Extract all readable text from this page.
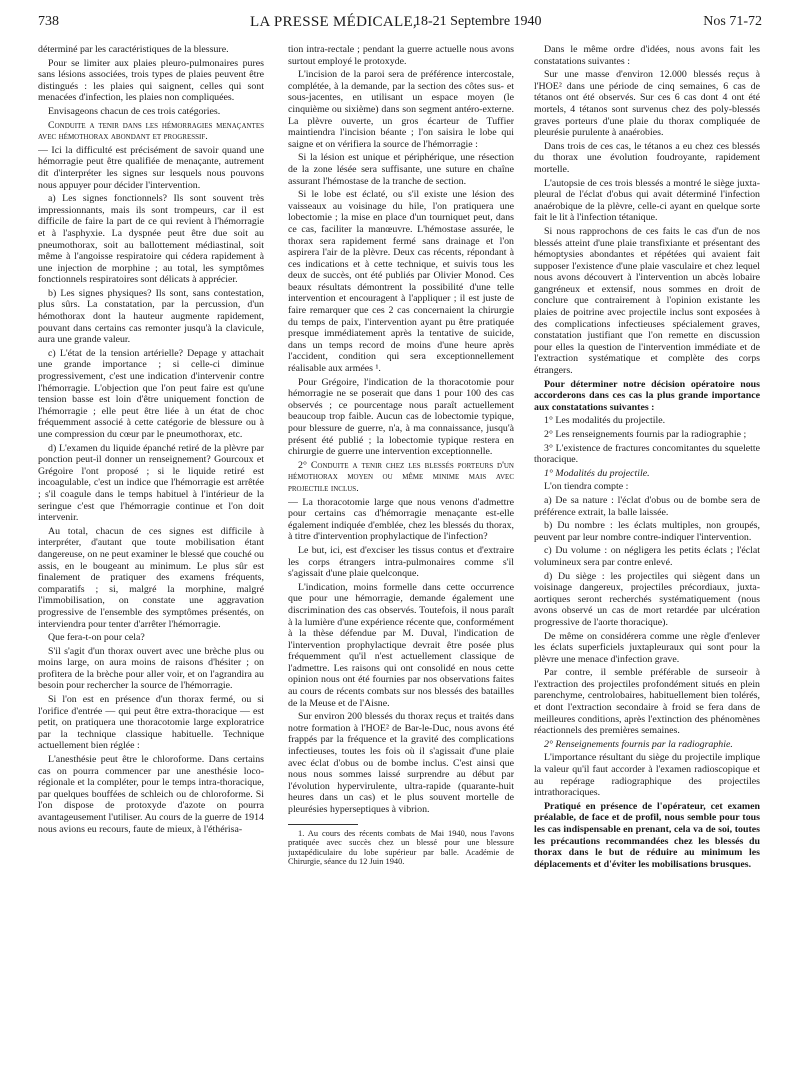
738	LA PRESSE MÉDICALE,
18-21 Septembre 1940	Nos 71-72

déterminé par les caractéristiques de la blessure.

Pour se limiter aux plaies pleuro-pulmonaires pures sans lésions associées, trois types de plaies peuvent être distingués : les plaies qui saignent, celles qui sont menacées d'infection, les plaies non compliquées.

Envisageons chacun de ces trois catégories.

Conduite a tenir dans les hémorragies menaçantes avec hémothorax abondant et progressif.

— Ici la difficulté est précisément de savoir quand une hémorragie peut être qualifiée de menaçante, autrement dit d'interpréter les signes sur lesquels nous pouvons nous appuyer pour décider l'intervention.

a) Les signes fonctionnels? Ils sont souvent très impressionnants, mais ils sont trompeurs, car il est difficile de faire la part de ce qui revient à l'hémorragie et à l'asphyxie. La dyspnée peut être due soit au pneumothorax, soit au ballottement médiastinal, soit même à l'angoisse respiratoire qui cédera rapidement à une injection de morphine ; au total, les symptômes fonctionnels respiratoires sont délicats à apprécier.

b) Les signes physiques? Ils sont, sans contestation, plus sûrs. La constatation, par la percussion, d'un hémothorax dont la hauteur augmente rapidement, pouvant dans certains cas remonter jusqu'à la clavicule, aura une grande valeur.

c) L'état de la tension artérielle? Depage y attachait une grande importance ; si celle-ci diminue progressivement, c'est une indication d'intervenir contre l'hémorragie. L'objection que l'on peut faire est qu'une tension basse est loin d'être uniquement fonction de l'hémorragie ; elle peut être liée à un état de choc fréquemment associé à cette catégorie de blessure ou à une compression du cœur par le pneumothorax, etc.

d) L'examen du liquide épanché retiré de la plèvre par ponction peut-il donner un renseignement? Gourcoux et Grégoire l'ont proposé ; si le liquide retiré est incoagulable, c'est un indice que l'hémorragie est arrêtée ; s'il coagule dans le temps habituel à l'intérieur de la seringue c'est que l'hémorragie continue et l'on doit intervenir.

Au total, chacun de ces signes est difficile à interpréter, d'autant que toute mobilisation étant dangereuse, on ne peut examiner le blessé que couché ou assis, en le bougeant au minimum. Le plus sûr est finalement de pratiquer des examens fréquents, comparatifs ; si, malgré la morphine, malgré l'immobilisation, on constate une aggravation progressive de l'ensemble des symptômes présentés, on interviendra pour tenter d'arrêter l'hémorragie.

Que fera-t-on pour cela?

S'il s'agit d'un thorax ouvert avec une brèche plus ou moins large, on aura moins de raisons d'hésiter ; on profitera de la brèche pour aller voir, et on l'agrandira au besoin pour rechercher la source de l'hémorragie.

Si l'on est en présence d'un thorax fermé, ou si l'orifice d'entrée — qui peut être extra-thoracique — est petit, on pratiquera une thoracotomie large exploratrice par la technique classique habituelle. Technique actuellement bien réglée :

L'anesthésie peut être le chloroforme. Dans certains cas on pourra commencer par une anesthésie loco-régionale et la compléter, pour le temps intra-thoracique, par quelques bouffées de schleich ou de chloroforme. Si l'on dispose de protoxyde d'azote on pourra avantageusement l'utiliser. Au cours de la guerre de 1914 nous avions eu recours, faute de mieux, à l'éthérisa-

tion intra-rectale ; pendant la guerre actuelle nous avons surtout employé le protoxyde.

L'incision de la paroi sera de préférence intercostale, complétée, à la demande, par la section des côtes sus- et sous-jacentes, en utilisant un espace moyen (le cinquième ou sixième) dans son segment antéro-externe. La plèvre ouverte, un gros écarteur de Tuffier maintiendra l'incision béante ; l'on saisira le lobe qui saigne et on vérifiera la source de l'hémorragie :

Si la lésion est unique et périphérique, une résection de la zone lésée sera suffisante, une suture en chaîne assurant l'hémostase de la tranche de section.

Si le lobe est éclaté, ou s'il existe une lésion des vaisseaux au voisinage du hile, l'on pratiquera une lobectomie ; la mise en place d'un tourniquet peut, dans ce cas, faciliter la manœuvre. L'hémostase assurée, le thorax sera rapidement fermé sans drainage et l'on aspirera l'air de la plèvre. Deux cas récents, répondant à ces indications et à cette technique, et suivis tous les deux de succès, ont été publiés par Olivier Monod. Ces beaux résultats démontrent la possibilité d'une telle intervention et encouragent à l'appliquer ; il est juste de faire remarquer que ces 2 cas concernaient la chirurgie du temps de paix, l'intervention ayant pu être pratiquée presque immédiatement après la tentative de suicide, dans un temps record de moins d'une heure après l'accident, condition qui sera exceptionnellement réalisable aux armées ¹.

Pour Grégoire, l'indication de la thoracotomie pour hémorragie ne se poserait que dans 1 pour 100 des cas observés ; ce pourcentage nous paraît actuellement beaucoup trop faible. Aucun cas de lobectomie typique, pour blessure de guerre, n'a, à ma connaissance, jusqu'à présent été publié ; la lobectomie typique restera en chirurgie de guerre une intervention exceptionnelle.

2° Conduite a tenir chez les blessés porteurs d'un hémothorax moyen ou même minime mais avec projectile inclus.

— La thoracotomie large que nous venons d'admettre pour certains cas d'hémorragie menaçante est-elle également indiquée d'emblée, chez les blessés du thorax, à titre d'intervention prophylactique de l'infection?

Le but, ici, est d'exciser les tissus contus et d'extraire les corps étrangers intra-pulmonaires comme s'il s'agissait d'une plaie quelconque.

L'indication, moins formelle dans cette occurrence que pour une hémorragie, demande également une discrimination des cas observés. Toutefois, il nous paraît à la lumière d'une expérience récente que, conformément à la thèse défendue par M. Duval, l'indication de l'intervention prophylactique devrait être posée plus fréquemment qu'il n'est actuellement classique de l'admettre. Les raisons qui ont consolidé en nous cette opinion nous ont été fournies par nos observations faites au cours de récents combats sur nos blessés des batailles de la Meuse et de l'Aisne.

Sur environ 200 blessés du thorax reçus et traités dans notre formation à l'HOE² de Bar-le-Duc, nous avons été frappés par la fréquence et la gravité des complications infectieuses, toutes les fois où il s'agissait d'une plaie avec éclat d'obus ou de bombe inclus. C'est ainsi que nous nous sommes laissé surprendre au début par l'évolution hypervirulente, ultra-rapide (quarante-huit heures dans un cas) et le plus souvent mortelle de pleurésies hyperseptiques à vibrion.

1. Au cours des récents combats de Mai 1940, nous l'avons pratiquée avec succès chez un blessé pour une blessure juxtapédiculaire du lobe supérieur par balle. Académie de Chirurgie, séance du 12 Juin 1940.

Dans le même ordre d'idées, nous avons fait les constatations suivantes :

Sur une masse d'environ 12.000 blessés reçus à l'HOE² dans une période de cinq semaines, 6 cas de tétanos ont été observés. Sur ces 6 cas dont 4 ont été mortels, 4 tétanos sont survenus chez des poly-blessés graves porteurs d'une plaie du thorax compliquée de pleurésie purulente à anaérobies.

Dans trois de ces cas, le tétanos a eu chez ces blessés du thorax une évolution foudroyante, rapidement mortelle.

L'autopsie de ces trois blessés a montré le siège juxta-pleural de l'éclat d'obus qui avait déterminé l'infection anaérobique de la plèvre, celle-ci ayant en quelque sorte fait le lit à l'infection tétanique.

Si nous rapprochons de ces faits le cas d'un de nos blessés atteint d'une plaie transfixiante et présentant des hémoptysies abondantes et répétées qui avaient fait supposer l'existence d'une plaie vasculaire et chez lequel nous avons découvert à l'intervention un abcès lobaire gangréneux et extensif, nous sommes en droit de conclure que contrairement à l'opinion existante les plaies de poitrine avec projectile inclus sont exposées à des complications infectieuses spécialement graves, constatation justifiant que l'on remette en discussion pour elles la question de l'intervention immédiate et de l'extraction systématique et complète des corps étrangers.

Pour déterminer notre décision opératoire nous accorderons dans ces cas la plus grande importance aux constatations suivantes :

1° Les modalités du projectile.

2° Les renseignements fournis par la radiographie ;

3° L'existence de fractures concomitantes du squelette thoracique.

1° Modalités du projectile.

L'on tiendra compte :

a) De sa nature : l'éclat d'obus ou de bombe sera de préférence extrait, la balle laissée.

b) Du nombre : les éclats multiples, non groupés, peuvent par leur nombre contre-indiquer l'intervention.

c) Du volume : on négligera les petits éclats ; l'éclat volumineux sera par contre enlevé.

d) Du siège : les projectiles qui siègent dans un voisinage dangereux, projectiles précordiaux, juxta-aortiques seront recherchés systématiquement (nous avons observé un cas de mort retardée par ulcération progressive de l'aorte thoracique).

De même on considérera comme une règle d'enlever les éclats superficiels juxtapleuraux qui sont pour la plèvre une menace d'infection grave.

Par contre, il semble préférable de surseoir à l'extraction des projectiles profondément situés en plein parenchyme, centrolobaires, habituellement bien tolérés, et dont l'extraction secondaire à froid se fera dans de meilleures conditions, après l'extinction des phénomènes réactionnels des premières semaines.

2° Renseignements fournis par la radiographie.

L'importance résultant du siège du projectile implique la valeur qu'il faut accorder à l'examen radioscopique et au repérage radiographique des projectiles intrathoraciques.

Pratiqué en présence de l'opérateur, cet examen préalable, de face et de profil, nous semble pour tous les cas indispensable en prenant, cela va de soi, toutes les précautions recommandées chez les blessés du thorax dans le but de réduire au minimum les déplacements et d'éviter les mobilisations brusques.
